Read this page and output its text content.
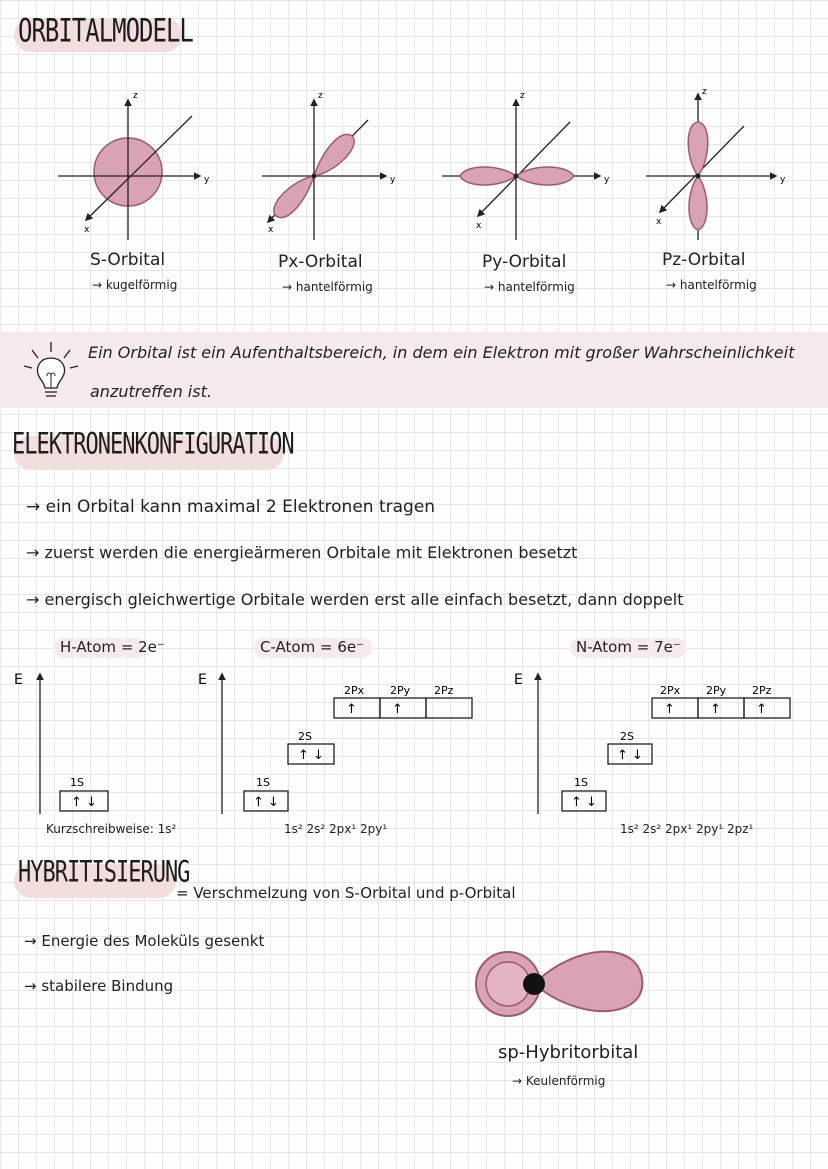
ORBITALMODELL
z
y
x
z
y
x
z
y
x
z
y
x
S-Orbital
→ kugelförmig
Px-Orbital
→ hantelförmig
Py-Orbital
→ hantelförmig
Pz-Orbital
→ hantelförmig
Ein Orbital ist ein Aufenthaltsbereich, in dem ein Elektron mit großer Wahrscheinlichkeit
anzutreffen ist.
ELEKTRONENKONFIGURATION
→ ein Orbital kann maximal 2 Elektronen tragen
→ zuerst werden die energieärmeren Orbitale mit Elektronen besetzt
→ energisch gleichwertige Orbitale werden erst alle einfach besetzt, dann doppelt
H-Atom = 2e⁻	C-Atom = 6e⁻	N-Atom = 7e⁻
E
1S
↑ ↓
E
1S
↑ ↓
2S
↑ ↓
2Px 2Py 2Pz
↑	↑
E
1S
↑ ↓
2S
↑ ↓
2Px 2Py 2Pz
↑	↑	↑
Kurzschreibweise: 1s²	1s² 2s² 2px¹ 2py¹	1s² 2s² 2px¹ 2py¹ 2pz¹
HYBRITISIERUNG
= Verschmelzung von S-Orbital und p-Orbital
→ Energie des Moleküls gesenkt
→ stabilere Bindung
sp-Hybritorbital
→ Keulenförmig
